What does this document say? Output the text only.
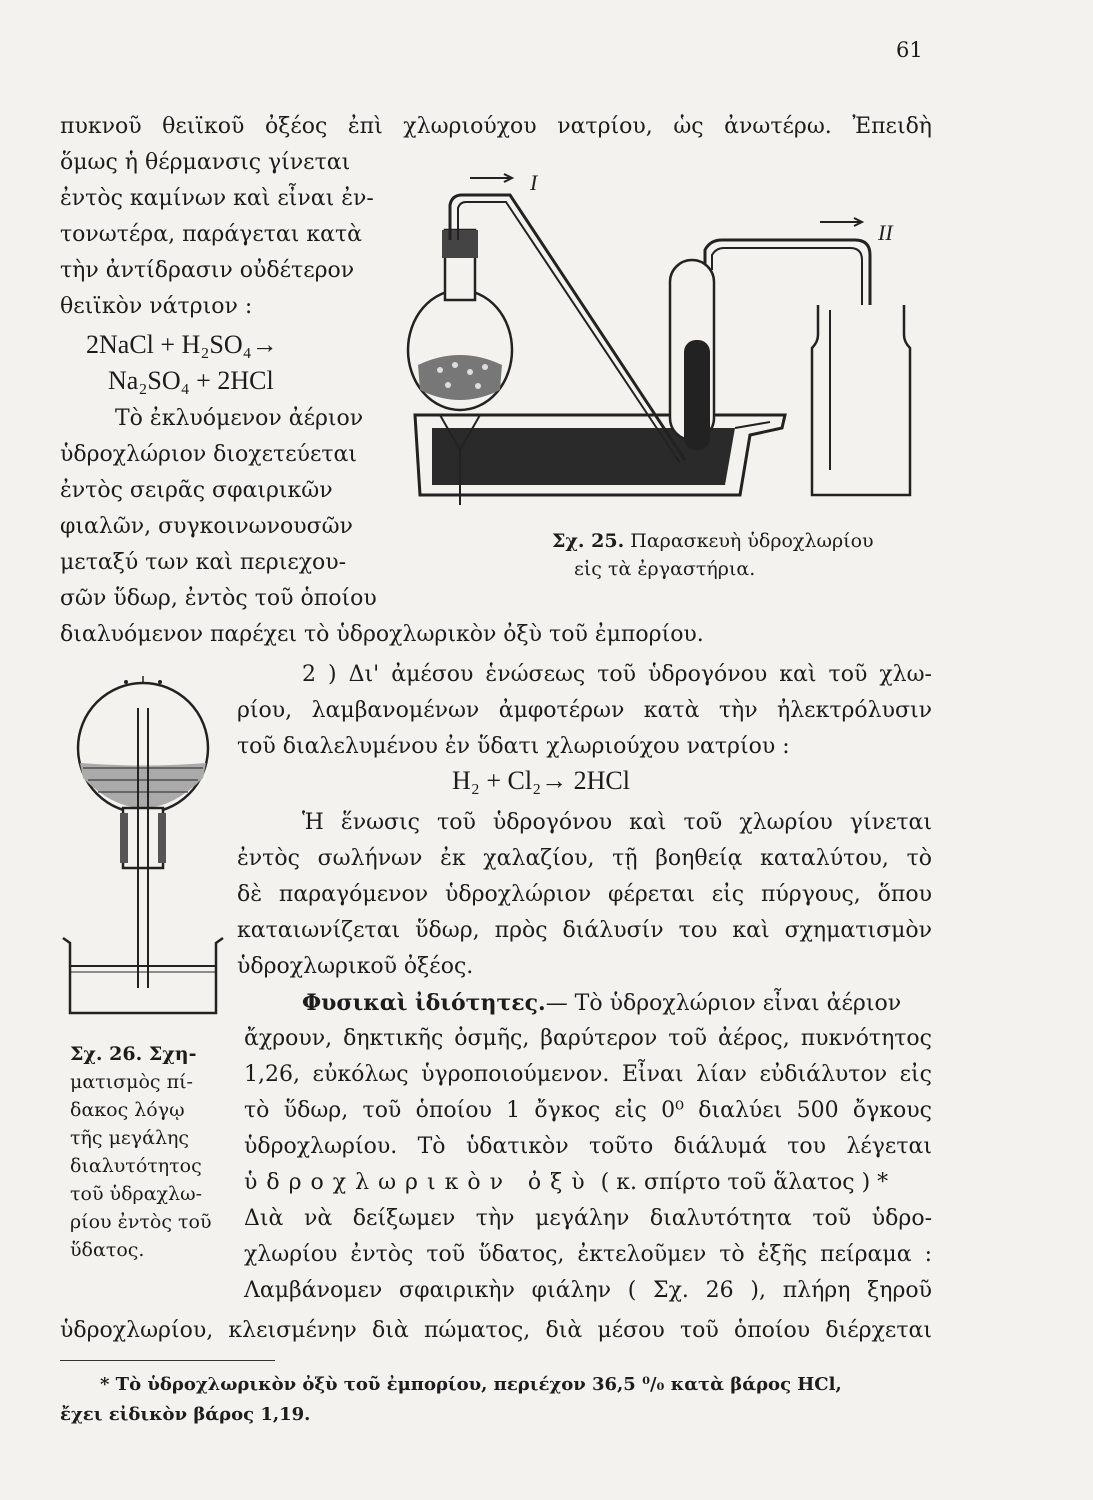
61
πυκνοῦ θειϊκοῦ ὀξέος ἐπὶ χλωριούχου νατρίου, ὡς ἀνωτέρω. Ἐπειδὴ
ὅμως ἡ θέρμανσις γίνεται
ἐντὸς καμίνων καὶ εἶναι ἐν-
τονωτέρα, παράγεται κατὰ
τὴν ἀντίδρασιν οὐδέτερον
θειϊκὸν νάτριον :
2NaCl + H₂SO₄→
Na₂SO₄ + 2HCl
Τὸ ἐκλυόμενον ἀέριον
ὑδροχλώριον διοχετεύεται
ἐντὸς σειρᾶς σφαιρικῶν
φιαλῶν, συγκοινωνουσῶν
μεταξύ των καὶ περιεχου-
σῶν ὕδωρ, ἐντὸς τοῦ ὁποίου
διαλυόμενον παρέχει τὸ ὑδροχλωρικὸν ὀξὺ τοῦ ἐμπορίου.
I
II
Σχ. 25. Παρασκευὴ ὑδροχλωρίου
εἰς τὰ ἐργαστήρια.
2 ) Δι' ἀμέσου ἑνώσεως τοῦ ὑδρογόνου καὶ τοῦ χλω-
ρίου, λαμβανομένων ἀμφοτέρων κατὰ τὴν ἠλεκτρόλυσιν
τοῦ διαλελυμένου ἐν ὕδατι χλωριούχου νατρίου :
H₂ + Cl₂→ 2HCl
Ἡ ἕνωσις τοῦ ὑδρογόνου καὶ τοῦ χλωρίου γίνεται
ἐντὸς σωλήνων ἐκ χαλαζίου, τῇ βοηθείᾳ καταλύτου, τὸ
δὲ παραγόμενον ὑδροχλώριον φέρεται εἰς πύργους, ὅπου
καταιωνίζεται ὕδωρ, πρὸς διάλυσίν του καὶ σχηματισμὸν
ὑδροχλωρικοῦ ὀξέος.
Φυσικαὶ ἰδιότητες.— Τὸ ὑδροχλώριον εἶναι ἀέριον
ἄχρουν, δηκτικῆς ὀσμῆς, βαρύτερον τοῦ ἀέρος, πυκνότητος
1,26, εὐκόλως ὑγροποιούμενον. Εἶναι λίαν εὐδιάλυτον εἰς
τὸ ὕδωρ, τοῦ ὁποίου 1 ὄγκος εἰς 0⁰ διαλύει 500 ὄγκους
ὑδροχλωρίου. Τὸ ὑδατικὸν τοῦτο διάλυμά του λέγεται
ὑδροχλωρικὸν ὀξὺ ( κ. σπίρτο τοῦ ἅλατος ) *
Διὰ νὰ δείξωμεν τὴν μεγάλην διαλυτότητα τοῦ ὑδρο-
χλωρίου ἐντὸς τοῦ ὕδατος, ἐκτελοῦμεν τὸ ἑξῆς πείραμα :
Λαμβάνομεν σφαιρικὴν φιάλην ( Σχ. 26 ), πλήρη ξηροῦ
ὑδροχλωρίου, κλεισμένην διὰ πώματος, διὰ μέσου τοῦ ὁποίου διέρχεται
Σχ. 26. Σχη-
ματισμὸς πί-
δακος λόγῳ
τῆς μεγάλης
διαλυτότητος
τοῦ ὑδραχλω-
ρίου ἐντὸς τοῦ
ὕδατος.
* Τὸ ὑδροχλωρικὸν ὀξὺ τοῦ ἐμπορίου, περιέχον 36,5 ⁰/₀ κατὰ βάρος HCl,
ἔχει εἰδικὸν βάρος 1,19.
